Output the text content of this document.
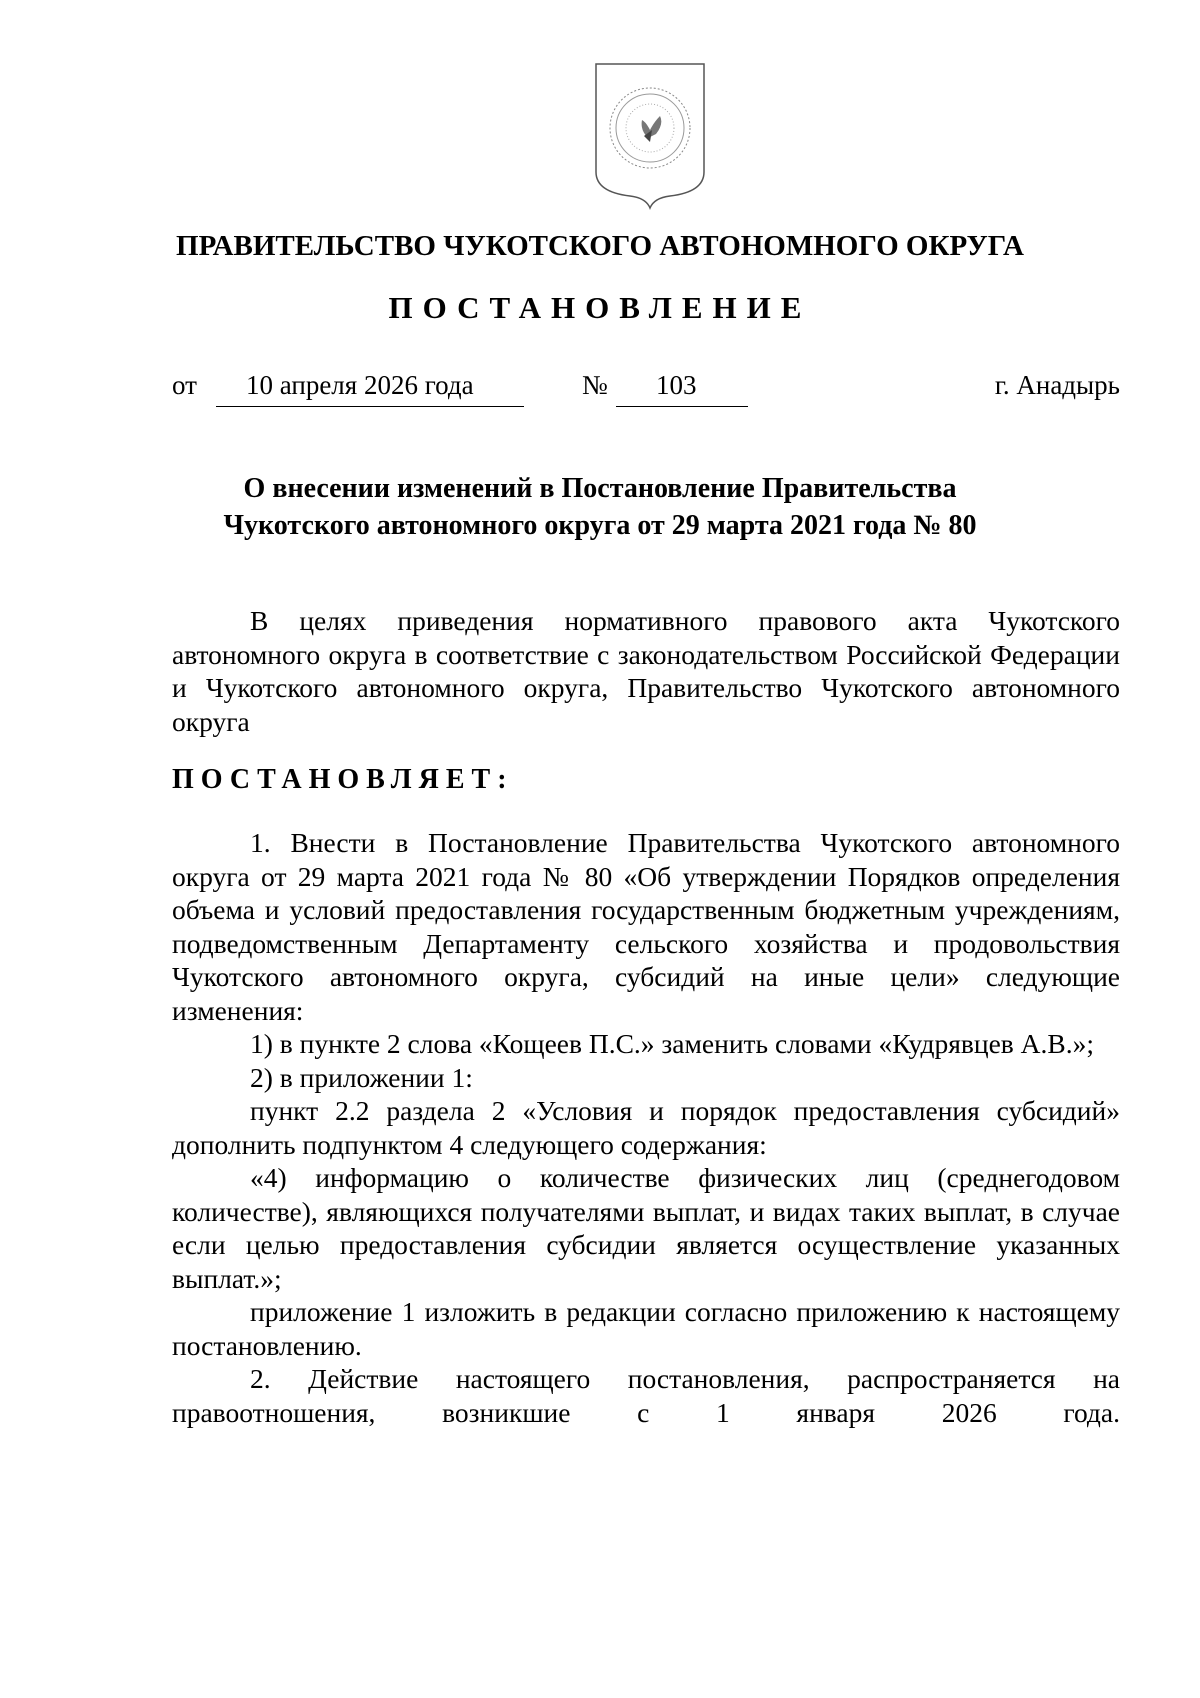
ПРАВИТЕЛЬСТВО ЧУКОТСКОГО АВТОНОМНОГО ОКРУГА
ПОСТАНОВЛЕНИЕ
от 10 апреля 2026 года	№ 103	г. Анадырь
О внесении изменений в Постановление Правительства
Чукотского автономного округа от 29 марта 2021 года № 80

В целях приведения нормативного правового акта Чукотского автономного округа в соответствие с законодательством Российской Федерации и Чукотского автономного округа, Правительство Чукотского автономного округа

ПОСТАНОВЛЯЕТ:

1. Внести в Постановление Правительства Чукотского автономного округа от 29 марта 2021 года № 80 «Об утверждении Порядков определения объема и условий предоставления государственным бюджетным учреждениям, подведомственным Департаменту сельского хозяйства и продовольствия Чукотского автономного округа, субсидий на иные цели» следующие изменения:

1) в пункте 2 слова «Кощеев П.С.» заменить словами «Кудрявцев А.В.»;

2) в приложении 1:

пункт 2.2 раздела 2 «Условия и порядок предоставления субсидий» дополнить подпунктом 4 следующего содержания:

«4) информацию о количестве физических лиц (среднегодовом количестве), являющихся получателями выплат, и видах таких выплат, в случае если целью предоставления субсидии является осуществление указанных выплат.»;

приложение 1 изложить в редакции согласно приложению к настоящему постановлению.

2. Действие настоящего постановления, распространяется на правоотношения, возникшие с 1 января 2026 года.
